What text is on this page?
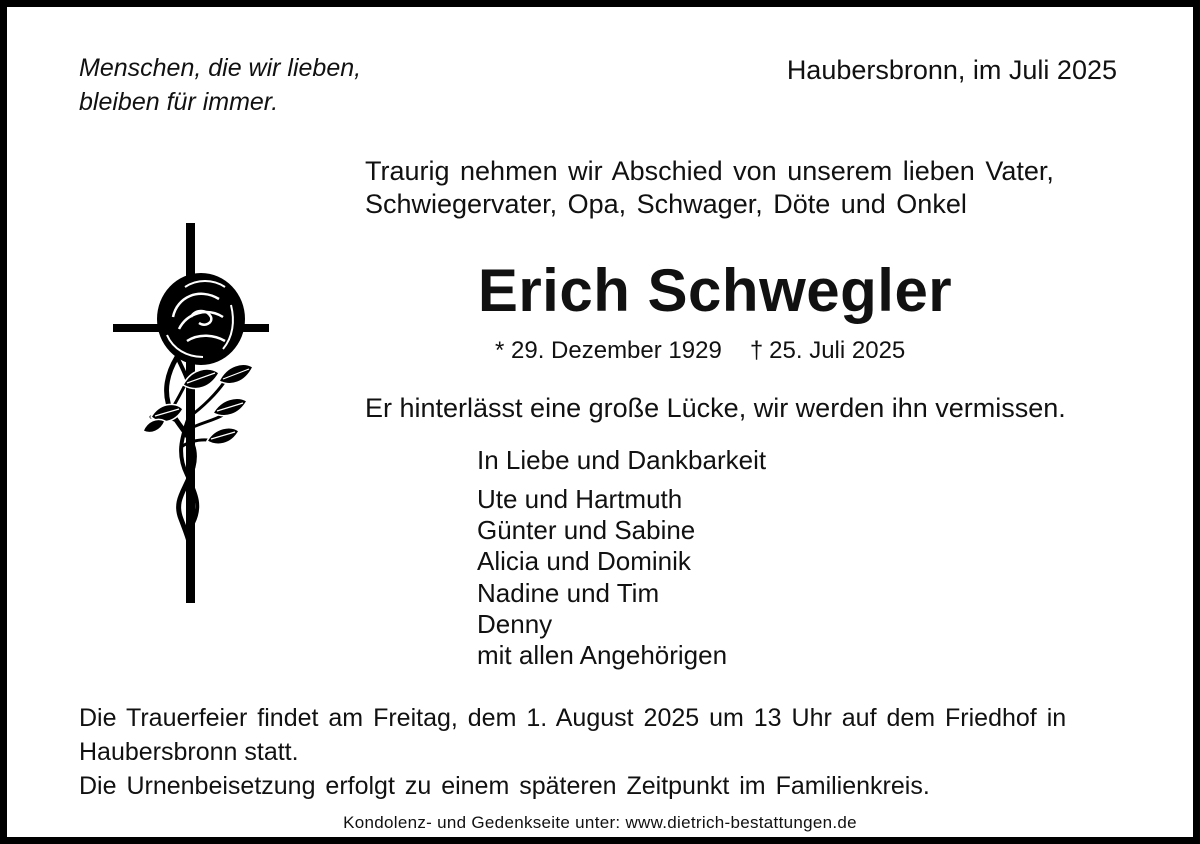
Menschen, die wir lieben,
bleiben für immer.
Haubersbronn, im Juli 2025
Traurig nehmen wir Abschied von unserem lieben Vater,
Schwiegervater, Opa, Schwager, Döte und Onkel
Erich Schwegler
* 29. Dezember 1929 † 25. Juli 2025
Er hinterlässt eine große Lücke, wir werden ihn vermissen.
In Liebe und Dankbarkeit
Ute und Hartmuth
Günter und Sabine
Alicia und Dominik
Nadine und Tim
Denny
mit allen Angehörigen
Die Trauerfeier findet am Freitag, dem 1. August 2025 um 13 Uhr auf dem Friedhof in
Haubersbronn statt.
Die Urnenbeisetzung erfolgt zu einem späteren Zeitpunkt im Familienkreis.
Kondolenz- und Gedenkseite unter: www.dietrich-bestattungen.de
